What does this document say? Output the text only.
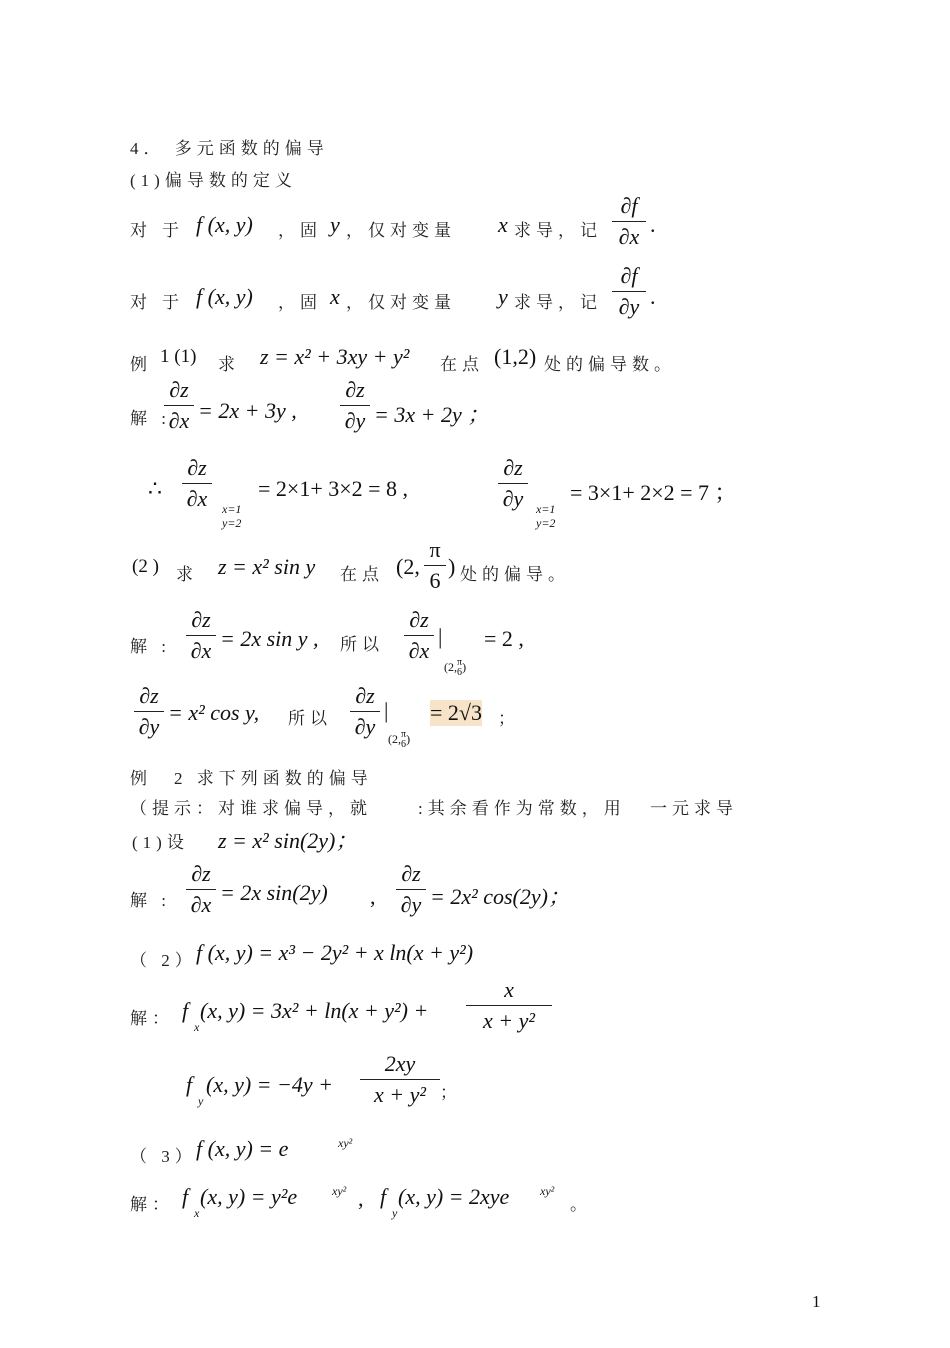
4． 多元函数的偏导
(1)偏导数的定义
对 于 f (x, y) ，固 y ，仅对变量 x 求导，记
∂f
∂x .
对 于 f (x, y) ，固 x ，仅对变量 y 求导，记
∂f
∂y .
例 1 (1) 求 z = x² + 3xy + y² 在点 (1,2) 处的偏导数。
解 :
∂z
∂x = 2x + 3y ,
∂z
∂y = 3x + 2y ；
∴
∂z
∂x	x=1
y=2
= 2×1+ 3×2 = 8 ,
∂z
∂y	x=1
y=2
= 3×1+ 2×2 = 7 ；
(2 ) 求 z = x² sin y 在点 (2,
π
6
) 处的偏导。
解 :
∂z
∂x = 2x sin y , 所以
∂z
∂x
|
(2,π
6)
= 2 ,
∂z
∂y
= x² cos y, 所以
∂z
∂y
|
(2,π
6)
= 2√3 ；
例　2 求下列函数的偏导
（提示：对谁求偏导，就	:其余看作为常数，用 一元求导
(1)设 z = x² sin(2y)；
解 :
∂z
∂x = 2x sin(2y) ,
∂z
∂y = 2x² cos(2y)；
（ 2） f (x, y) = x³ − 2y² + x ln(x + y²)
解： f
x
(x, y) = 3x² + ln(x + y²) +
x
x + y²
f
y
(x, y) = −4y +
2xy
x + y² ；
（ 3） f (x, y) = e	xy²
解： f
x
(x, y) = y²e	xy² , f
y
(x, y) = 2xye	xy²
。
1
